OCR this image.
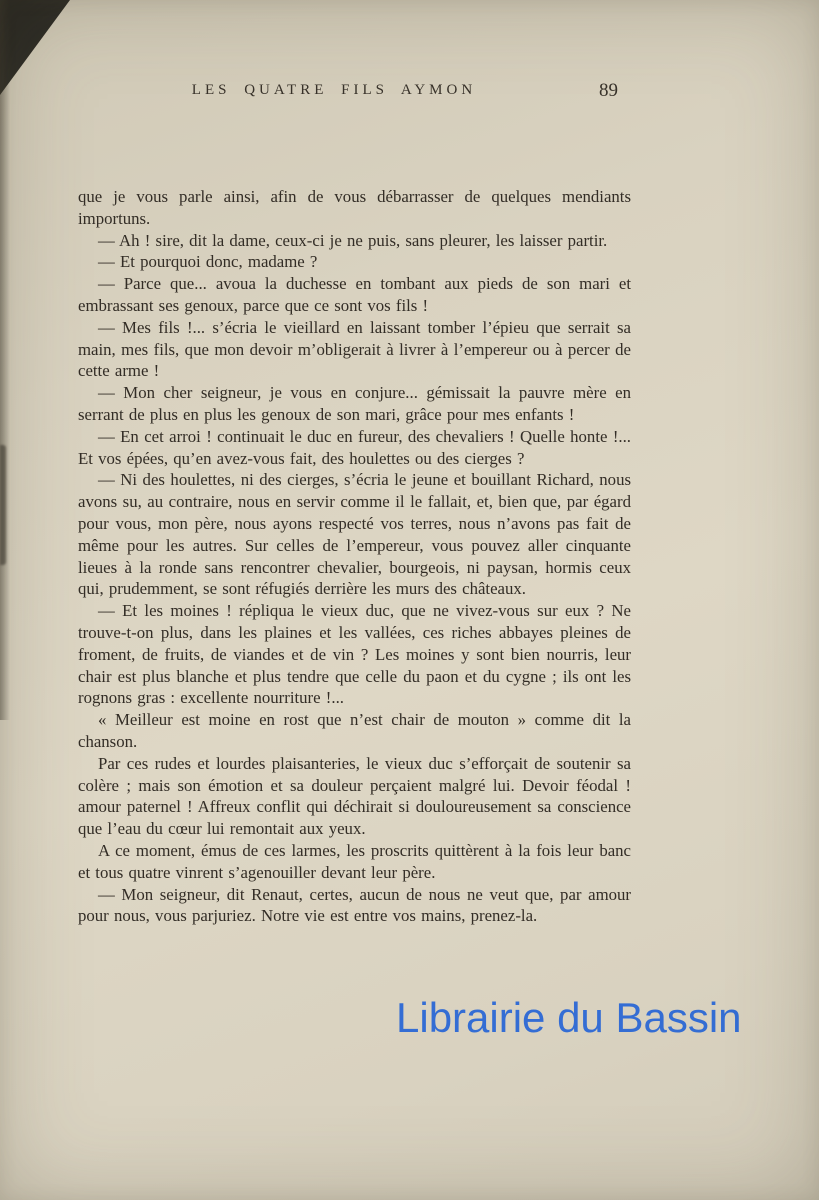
LES QUATRE FILS AYMON	89

que je vous parle ainsi, afin de vous débarrasser de quelques mendiants importuns.

— Ah ! sire, dit la dame, ceux-ci je ne puis, sans pleurer, les laisser partir.

— Et pourquoi donc, madame ?

— Parce que... avoua la duchesse en tombant aux pieds de son mari et embrassant ses genoux, parce que ce sont vos fils !

— Mes fils !... s’écria le vieillard en laissant tomber l’épieu que serrait sa main, mes fils, que mon devoir m’obligerait à livrer à l’empereur ou à percer de cette arme !

— Mon cher seigneur, je vous en conjure... gémissait la pauvre mère en serrant de plus en plus les genoux de son mari, grâce pour mes enfants !

— En cet arroi ! continuait le duc en fureur, des chevaliers ! Quelle honte !... Et vos épées, qu’en avez-vous fait, des houlettes ou des cierges ?

— Ni des houlettes, ni des cierges, s’écria le jeune et bouillant Richard, nous avons su, au contraire, nous en servir comme il le fallait, et, bien que, par égard pour vous, mon père, nous ayons respecté vos terres, nous n’avons pas fait de même pour les autres. Sur celles de l’empereur, vous pouvez aller cinquante lieues à la ronde sans rencontrer chevalier, bourgeois, ni paysan, hormis ceux qui, prudemment, se sont réfugiés derrière les murs des châteaux.

— Et les moines ! répliqua le vieux duc, que ne vivez-vous sur eux ? Ne trouve-t-on plus, dans les plaines et les vallées, ces riches abbayes pleines de froment, de fruits, de viandes et de vin ? Les moines y sont bien nourris, leur chair est plus blanche et plus tendre que celle du paon et du cygne ; ils ont les rognons gras : excellente nourriture !...

« Meilleur est moine en rost que n’est chair de mouton » comme dit la chanson.

Par ces rudes et lourdes plaisanteries, le vieux duc s’efforçait de soutenir sa colère ; mais son émotion et sa douleur perçaient malgré lui. Devoir féodal ! amour paternel ! Affreux conflit qui déchirait si douloureusement sa conscience que l’eau du cœur lui remontait aux yeux.

A ce moment, émus de ces larmes, les proscrits quittèrent à la fois leur banc et tous quatre vinrent s’agenouiller devant leur père.

— Mon seigneur, dit Renaut, certes, aucun de nous ne veut que, par amour pour nous, vous parjuriez. Notre vie est entre vos mains, prenez-la.

Librairie du Bassin
